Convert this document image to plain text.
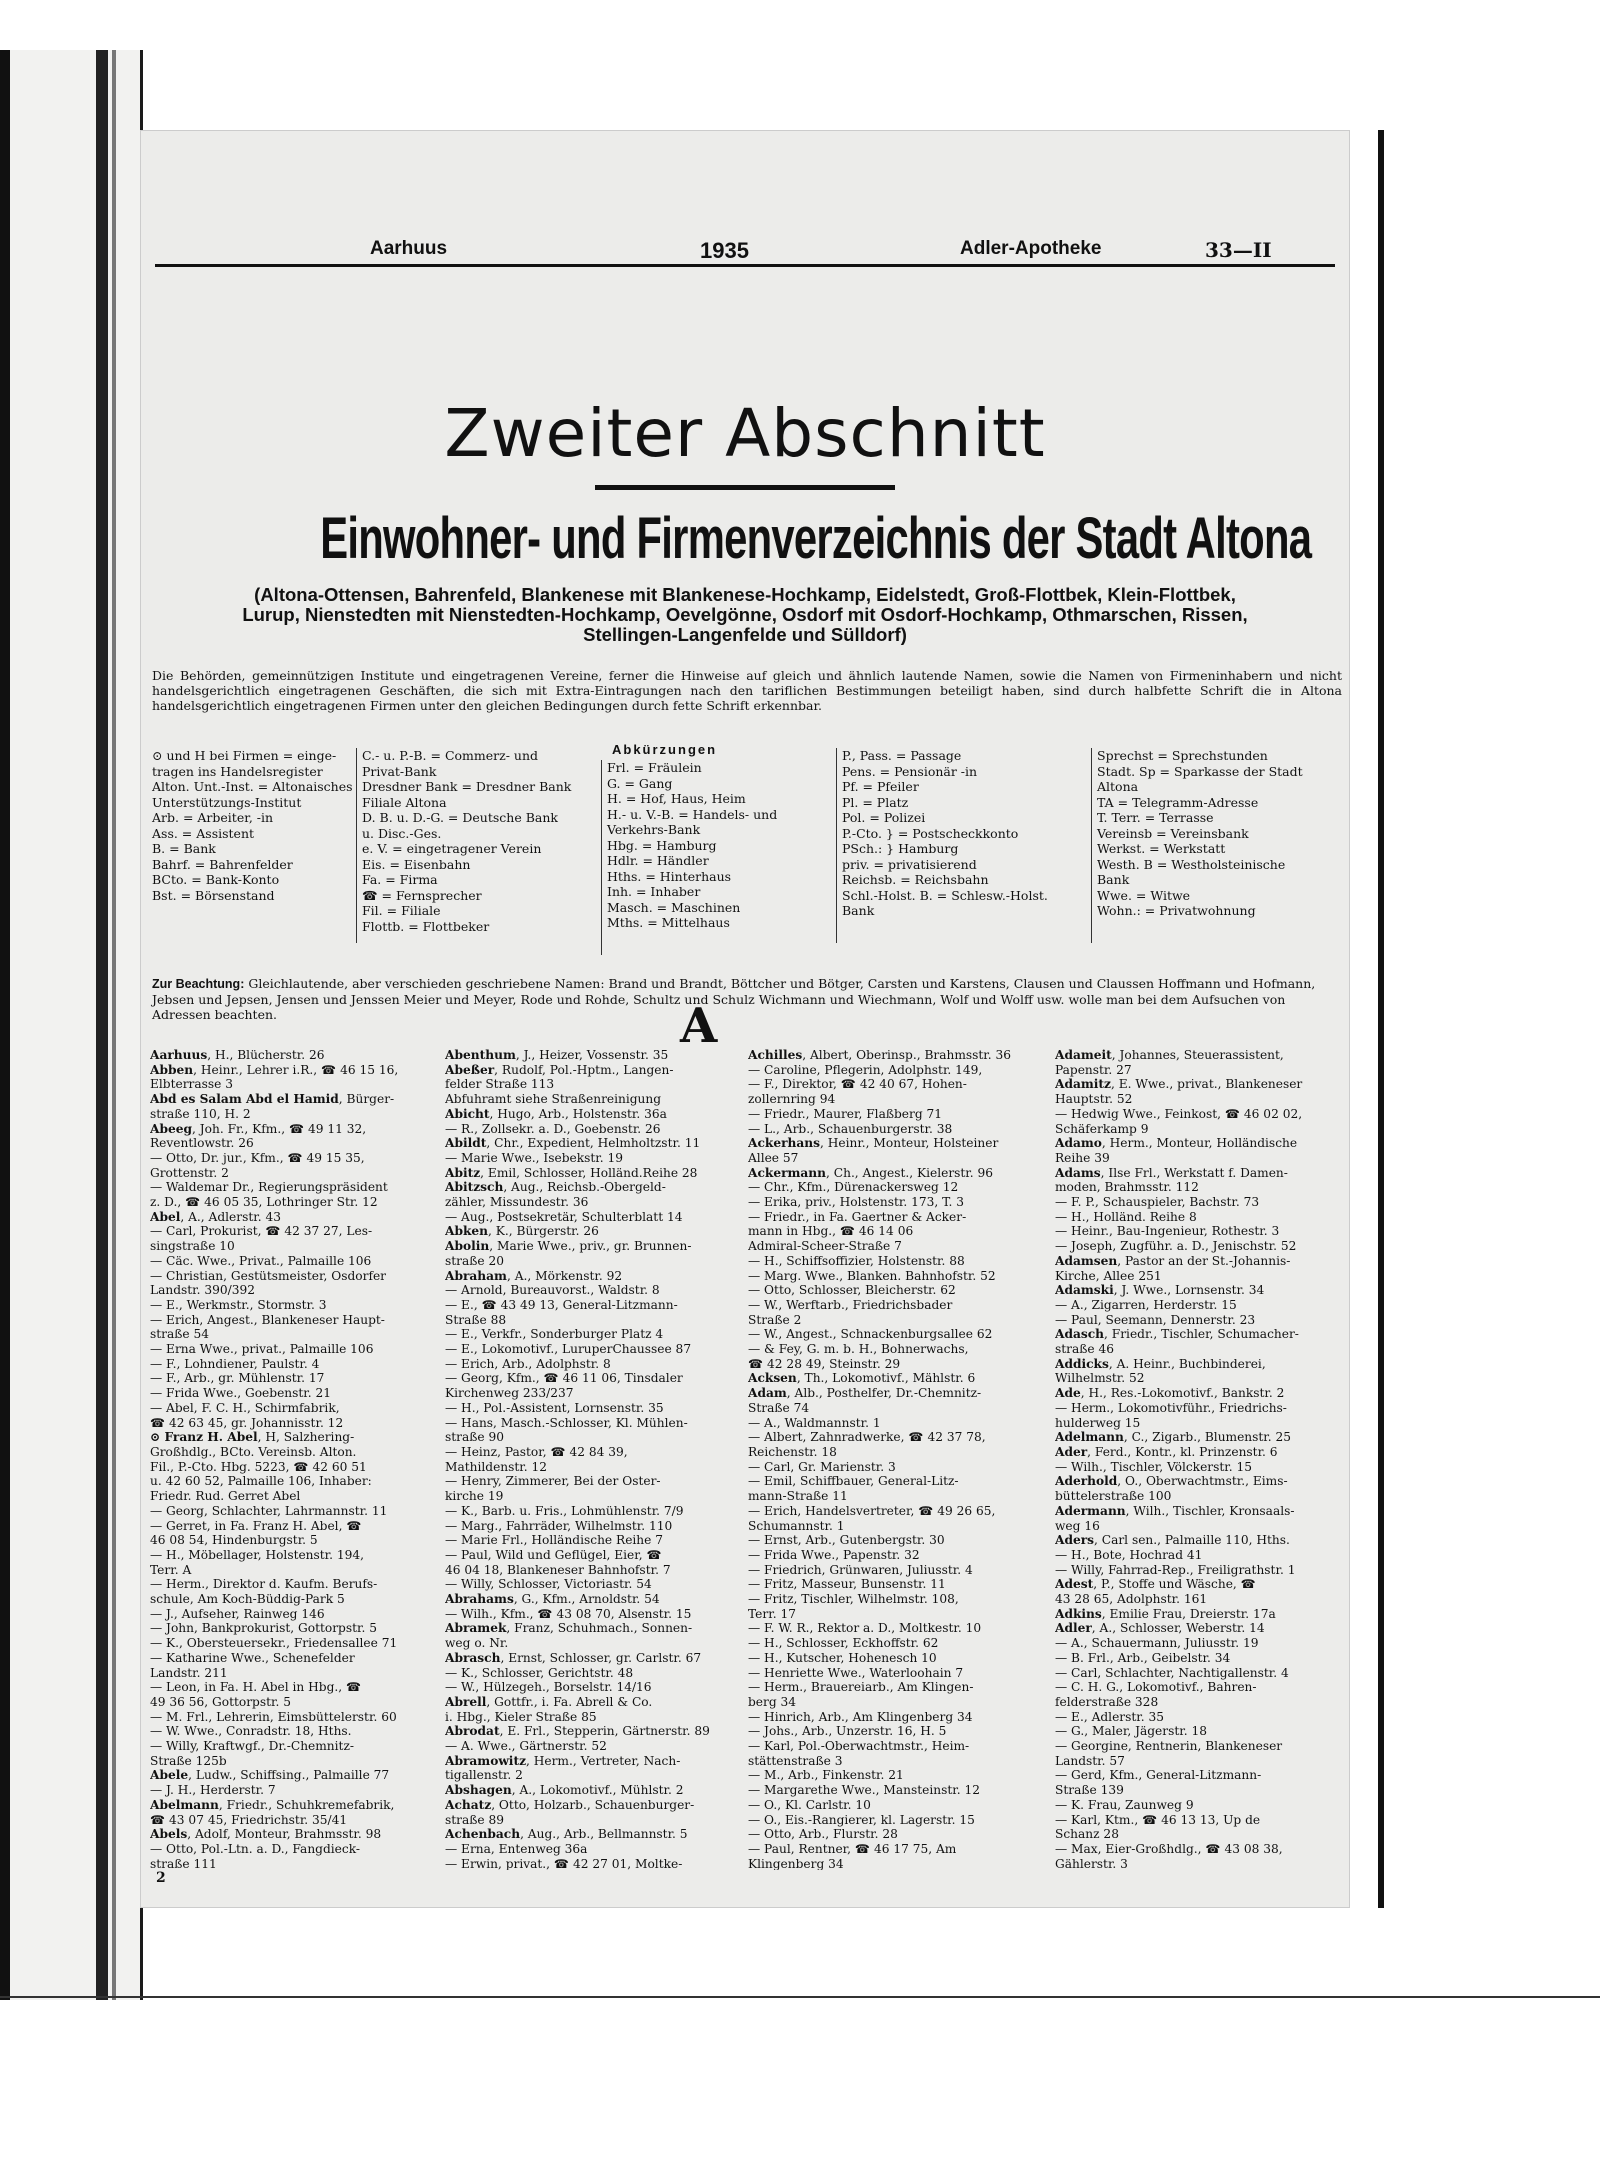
Aarhuus	1935	Adler-Apotheke	33—II
Zweiter Abschnitt
Einwohner- und Firmenverzeichnis der Stadt Altona
(Altona-Ottensen, Bahrenfeld, Blankenese mit Blankenese-Hochkamp, Eidelstedt, Groß-Flottbek, Klein-Flottbek,
Lurup, Nienstedten mit Nienstedten-Hochkamp, Oevelgönne, Osdorf mit Osdorf-Hochkamp, Othmarschen, Rissen,
Stellingen-Langenfelde und Sülldorf)
Die Behörden, gemeinnützigen Institute und eingetragenen Vereine, ferner die Hinweise auf gleich und ähnlich lautende Namen, sowie die Namen von Firmeninhabern und nicht handelsgerichtlich eingetragenen Geschäften, die sich mit Extra-Eintragungen nach den tariflichen Bestimmungen beteiligt haben, sind durch halbfette Schrift die in Altona handelsgerichtlich eingetragenen Firmen unter den gleichen Bedingungen durch fette Schrift erkennbar.
Abkürzungen
⊙ und H bei Firmen = einge-
tragen ins Handelsregister
Alton. Unt.-Inst. = Altonaisches
Unterstützungs-Institut
Arb. = Arbeiter, -in
Ass. = Assistent
B. = Bank
Bahrf. = Bahrenfelder
BCto. = Bank-Konto
Bst. = Börsenstand
C.- u. P.-B. = Commerz- und
Privat-Bank
Dresdner Bank = Dresdner Bank
Filiale Altona
D. B. u. D.-G. = Deutsche Bank
u. Disc.-Ges.
e. V. = eingetragener Verein
Eis. = Eisenbahn
Fa. = Firma
☎ = Fernsprecher
Fil. = Filiale
Flottb. = Flottbeker
Frl. = Fräulein
G. = Gang
H. = Hof, Haus, Heim
H.- u. V.-B. = Handels- und
Verkehrs-Bank
Hbg. = Hamburg
Hdlr. = Händler
Hths. = Hinterhaus
Inh. = Inhaber
Masch. = Maschinen
Mths. = Mittelhaus
P., Pass. = Passage
Pens. = Pensionär -in
Pf. = Pfeiler
Pl. = Platz
Pol. = Polizei
P.-Cto. } = Postscheckkonto
PSch.: } Hamburg
priv. = privatisierend
Reichsb. = Reichsbahn
Schl.-Holst. B. = Schlesw.-Holst.
Bank
Sprechst = Sprechstunden
Stadt. Sp = Sparkasse der Stadt
Altona
TA = Telegramm-Adresse
T. Terr. = Terrasse
Vereinsb = Vereinsbank
Werkst. = Werkstatt
Westh. B = Westholsteinische
Bank
Wwe. = Witwe
Wohn.: = Privatwohnung
Zur Beachtung: Gleichlautende, aber verschieden geschriebene Namen: Brand und Brandt, Böttcher und Bötger, Carsten und Karstens, Clausen und Claussen Hoffmann und Hofmann, Jebsen und Jepsen, Jensen und Jenssen Meier und Meyer, Rode und Rohde, Schultz und Schulz Wichmann und Wiechmann, Wolf und Wolff usw. wolle man bei dem Aufsuchen von Adressen beachten.	A
Aarhuus, H., Blücherstr. 26
Abben, Heinr., Lehrer i.R., ☎ 46 15 16,
Elbterrasse 3
Abd es Salam Abd el Hamid, Bürger-
straße 110, H. 2
Abeeg, Joh. Fr., Kfm., ☎ 49 11 32,
Reventlowstr. 26
— Otto, Dr. jur., Kfm., ☎ 49 15 35,
Grottenstr. 2
— Waldemar Dr., Regierungspräsident
z. D., ☎ 46 05 35, Lothringer Str. 12
Abel, A., Adlerstr. 43
— Carl, Prokurist, ☎ 42 37 27, Les-
singstraße 10
— Cäc. Wwe., Privat., Palmaille 106
— Christian, Gestütsmeister, Osdorfer
Landstr. 390/392
— E., Werkmstr., Stormstr. 3
— Erich, Angest., Blankeneser Haupt-
straße 54
— Erna Wwe., privat., Palmaille 106
— F., Lohndiener, Paulstr. 4
— F., Arb., gr. Mühlenstr. 17
— Frida Wwe., Goebenstr. 21
— Abel, F. C. H., Schirmfabrik,
☎ 42 63 45, gr. Johannisstr. 12
⊙ Franz H. Abel, H, Salzhering-
Großhdlg., BCto. Vereinsb. Alton.
Fil., P.-Cto. Hbg. 5223, ☎ 42 60 51
u. 42 60 52, Palmaille 106, Inhaber:
Friedr. Rud. Gerret Abel
— Georg, Schlachter, Lahrmannstr. 11
— Gerret, in Fa. Franz H. Abel, ☎
46 08 54, Hindenburgstr. 5
— H., Möbellager, Holstenstr. 194,
Terr. A
— Herm., Direktor d. Kaufm. Berufs-
schule, Am Koch-Büddig-Park 5
— J., Aufseher, Rainweg 146
— John, Bankprokurist, Gottorpstr. 5
— K., Obersteuersekr., Friedensallee 71
— Katharine Wwe., Schenefelder
Landstr. 211
— Leon, in Fa. H. Abel in Hbg., ☎
49 36 56, Gottorpstr. 5
— M. Frl., Lehrerin, Eimsbüttelerstr. 60
— W. Wwe., Conradstr. 18, Hths.
— Willy, Kraftwgf., Dr.-Chemnitz-
Straße 125b
Abele, Ludw., Schiffsing., Palmaille 77
— J. H., Herderstr. 7
Abelmann, Friedr., Schuhkremefabrik,
☎ 43 07 45, Friedrichstr. 35/41
Abels, Adolf, Monteur, Brahmsstr. 98
— Otto, Pol.-Ltn. a. D., Fangdieck-
straße 111
Abenthum, J., Heizer, Vossenstr. 35
Abeßer, Rudolf, Pol.-Hptm., Langen-
felder Straße 113
Abfuhramt siehe Straßenreinigung
Abicht, Hugo, Arb., Holstenstr. 36a
— R., Zollsekr. a. D., Goebenstr. 26
Abildt, Chr., Expedient, Helmholtzstr. 11
— Marie Wwe., Isebekstr. 19
Abitz, Emil, Schlosser, Holländ.Reihe 28
Abitzsch, Aug., Reichsb.-Obergeld-
zähler, Missundestr. 36
— Aug., Postsekretär, Schulterblatt 14
Abken, K., Bürgerstr. 26
Abolin, Marie Wwe., priv., gr. Brunnen-
straße 20
Abraham, A., Mörkenstr. 92
— Arnold, Bureauvorst., Waldstr. 8
— E., ☎ 43 49 13, General-Litzmann-
Straße 88
— E., Verkfr., Sonderburger Platz 4
— E., Lokomotivf., LuruperChaussee 87
— Erich, Arb., Adolphstr. 8
— Georg, Kfm., ☎ 46 11 06, Tinsdaler
Kirchenweg 233/237
— H., Pol.-Assistent, Lornsenstr. 35
— Hans, Masch.-Schlosser, Kl. Mühlen-
straße 90
— Heinz, Pastor, ☎ 42 84 39,
Mathildenstr. 12
— Henry, Zimmerer, Bei der Oster-
kirche 19
— K., Barb. u. Fris., Lohmühlenstr. 7/9
— Marg., Fahrräder, Wilhelmstr. 110
— Marie Frl., Holländische Reihe 7
— Paul, Wild und Geflügel, Eier, ☎
46 04 18, Blankeneser Bahnhofstr. 7
— Willy, Schlosser, Victoriastr. 54
Abrahams, G., Kfm., Arnoldstr. 54
— Wilh., Kfm., ☎ 43 08 70, Alsenstr. 15
Abramek, Franz, Schuhmach., Sonnen-
weg o. Nr.
Abrasch, Ernst, Schlosser, gr. Carlstr. 67
— K., Schlosser, Gerichtstr. 48
— W., Hülzegeh., Borselstr. 14/16
Abrell, Gottfr., i. Fa. Abrell & Co.
i. Hbg., Kieler Straße 85
Abrodat, E. Frl., Stepperin, Gärtnerstr. 89
— A. Wwe., Gärtnerstr. 52
Abramowitz, Herm., Vertreter, Nach-
tigallenstr. 2
Abshagen, A., Lokomotivf., Mühlstr. 2
Achatz, Otto, Holzarb., Schauenburger-
straße 89
Achenbach, Aug., Arb., Bellmannstr. 5
— Erna, Entenweg 36a
— Erwin, privat., ☎ 42 27 01, Moltke-
Achilles, Albert, Oberinsp., Brahmsstr. 36
— Caroline, Pflegerin, Adolphstr. 149,
— F., Direktor, ☎ 42 40 67, Hohen-
zollernring 94
— Friedr., Maurer, Flaßberg 71
— L., Arb., Schauenburgerstr. 38
Ackerhans, Heinr., Monteur, Holsteiner
Allee 57
Ackermann, Ch., Angest., Kielerstr. 96
— Chr., Kfm., Dürenackersweg 12
— Erika, priv., Holstenstr. 173, T. 3
— Friedr., in Fa. Gaertner & Acker-
mann in Hbg., ☎ 46 14 06
Admiral-Scheer-Straße 7
— H., Schiffsoffizier, Holstenstr. 88
— Marg. Wwe., Blanken. Bahnhofstr. 52
— Otto, Schlosser, Bleicherstr. 62
— W., Werftarb., Friedrichsbader
Straße 2
— W., Angest., Schnackenburgsallee 62
— & Fey, G. m. b. H., Bohnerwachs,
☎ 42 28 49, Steinstr. 29
Acksen, Th., Lokomotivf., Mählstr. 6
Adam, Alb., Posthelfer, Dr.-Chemnitz-
Straße 74
— A., Waldmannstr. 1
— Albert, Zahnradwerke, ☎ 42 37 78,
Reichenstr. 18
— Carl, Gr. Marienstr. 3
— Emil, Schiffbauer, General-Litz-
mann-Straße 11
— Erich, Handelsvertreter, ☎ 49 26 65,
Schumannstr. 1
— Ernst, Arb., Gutenbergstr. 30
— Frida Wwe., Papenstr. 32
— Friedrich, Grünwaren, Juliusstr. 4
— Fritz, Masseur, Bunsenstr. 11
— Fritz, Tischler, Wilhelmstr. 108,
Terr. 17
— F. W. R., Rektor a. D., Moltkestr. 10
— H., Schlosser, Eckhoffstr. 62
— H., Kutscher, Hohenesch 10
— Henriette Wwe., Waterloohain 7
— Herm., Brauereiarb., Am Klingen-
berg 34
— Hinrich, Arb., Am Klingenberg 34
— Johs., Arb., Unzerstr. 16, H. 5
— Karl, Pol.-Oberwachtmstr., Heim-
stättenstraße 3
— M., Arb., Finkenstr. 21
— Margarethe Wwe., Mansteinstr. 12
— O., Kl. Carlstr. 10
— O., Eis.-Rangierer, kl. Lagerstr. 15
— Otto, Arb., Flurstr. 28
— Paul, Rentner, ☎ 46 17 75, Am
Klingenberg 34
Adameit, Johannes, Steuerassistent,
Papenstr. 27
Adamitz, E. Wwe., privat., Blankeneser
Hauptstr. 52
— Hedwig Wwe., Feinkost, ☎ 46 02 02,
Schäferkamp 9
Adamo, Herm., Monteur, Holländische
Reihe 39
Adams, Ilse Frl., Werkstatt f. Damen-
moden, Brahmsstr. 112
— F. P., Schauspieler, Bachstr. 73
— H., Holländ. Reihe 8
— Heinr., Bau-Ingenieur, Rothestr. 3
— Joseph, Zugführ. a. D., Jenischstr. 52
Adamsen, Pastor an der St.-Johannis-
Kirche, Allee 251
Adamski, J. Wwe., Lornsenstr. 34
— A., Zigarren, Herderstr. 15
— Paul, Seemann, Dennerstr. 23
Adasch, Friedr., Tischler, Schumacher-
straße 46
Addicks, A. Heinr., Buchbinderei,
Wilhelmstr. 52
Ade, H., Res.-Lokomotivf., Bankstr. 2
— Herm., Lokomotivführ., Friedrichs-
hulderweg 15
Adelmann, C., Zigarb., Blumenstr. 25
Ader, Ferd., Kontr., kl. Prinzenstr. 6
— Wilh., Tischler, Völckerstr. 15
Aderhold, O., Oberwachtmstr., Eims-
büttelerstraße 100
Adermann, Wilh., Tischler, Kronsaals-
weg 16
Aders, Carl sen., Palmaille 110, Hths.
— H., Bote, Hochrad 41
— Willy, Fahrrad-Rep., Freiligrathstr. 1
Adest, P., Stoffe und Wäsche, ☎
43 28 65, Adolphstr. 161
Adkins, Emilie Frau, Dreierstr. 17a
Adler, A., Schlosser, Weberstr. 14
— A., Schauermann, Juliusstr. 19
— B. Frl., Arb., Geibelstr. 34
— Carl, Schlachter, Nachtigallenstr. 4
— C. H. G., Lokomotivf., Bahren-
felderstraße 328
— E., Adlerstr. 35
— G., Maler, Jägerstr. 18
— Georgine, Rentnerin, Blankeneser
Landstr. 57
— Gerd, Kfm., General-Litzmann-
Straße 139
— K. Frau, Zaunweg 9
— Karl, Ktm., ☎ 46 13 13, Up de
Schanz 28
— Max, Eier-Großhdlg., ☎ 43 08 38,
Gählerstr. 3
2
